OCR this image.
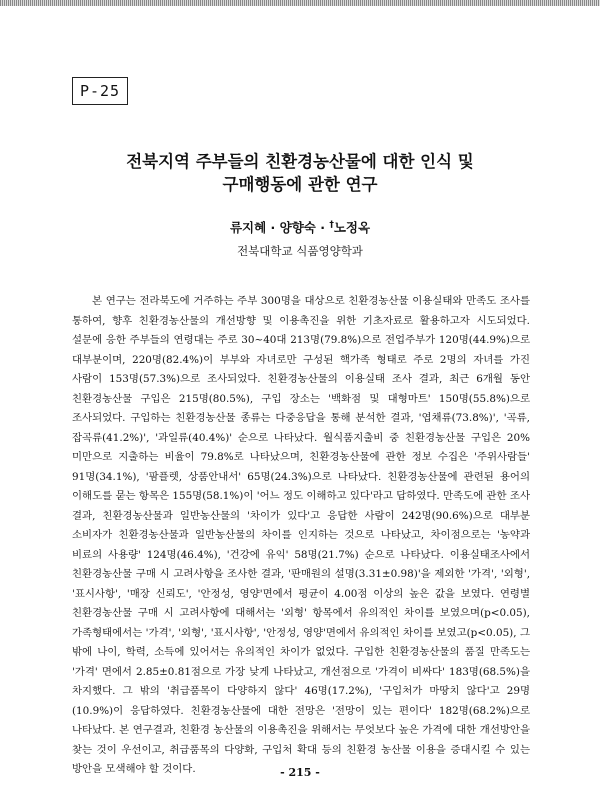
P-25
전북지역 주부들의 친환경농산물에 대한 인식 및
구매행동에 관한 연구
류지혜 · 양향숙 · †노정옥
전북대학교 식품영양학과
본 연구는 전라북도에 거주하는 주부 300명을 대상으로 친환경농산물 이용실태와 만족도 조사를 통하여, 향후 친환경농산물의 개선방향 및 이용촉진을 위한 기초자료로 활용하고자 시도되었다. 설문에 응한 주부들의 연령대는 주로 30~40대 213명(79.8%)으로 전업주부가 120명(44.9%)으로 대부분이며, 220명(82.4%)이 부부와 자녀로만 구성된 핵가족 형태로 주로 2명의 자녀를 가진 사람이 153명(57.3%)으로 조사되었다. 친환경농산물의 이용실태 조사 결과, 최근 6개월 동안 친환경농산물 구입은 215명(80.5%), 구입 장소는 '백화점 및 대형마트' 150명(55.8%)으로 조사되었다. 구입하는 친환경농산물 종류는 다중응답을 통해 분석한 결과, '엽채류(73.8%)', '곡류, 잡곡류(41.2%)', '과일류(40.4%)' 순으로 나타났다. 월식품지출비 중 친환경농산물 구입은 20%미만으로 지출하는 비율이 79.8%로 나타났으며, 친환경농산물에 관한 정보 수집은 '주위사람들' 91명(34.1%), '팜플렛, 상품안내서' 65명(24.3%)으로 나타났다. 친환경농산물에 관련된 용어의 이해도를 묻는 항목은 155명(58.1%)이 '어느 정도 이해하고 있다'라고 답하였다. 만족도에 관한 조사 결과, 친환경농산물과 일반농산물의 '차이가 있다'고 응답한 사람이 242명(90.6%)으로 대부분 소비자가 친환경농산물과 일반농산물의 차이를 인지하는 것으로 나타났고, 차이점으로는 '농약과 비료의 사용량' 124명(46.4%), '건강에 유익' 58명(21.7%) 순으로 나타났다. 이용실태조사에서 친환경농산물 구매 시 고려사항을 조사한 결과, '판매원의 설명(3.31±0.98)'을 제외한 '가격', '외형', '표시사항', '매장 신뢰도', '안정성, 영양'면에서 평균이 4.00점 이상의 높은 값을 보였다. 연령별 친환경농산물 구매 시 고려사항에 대해서는 '외형' 항목에서 유의적인 차이를 보였으며(p<0.05), 가족형태에서는 '가격', '외형', '표시사항', '안정성, 영양'면에서 유의적인 차이를 보였고(p<0.05), 그 밖에 나이, 학력, 소득에 있어서는 유의적인 차이가 없었다. 구입한 친환경농산물의 품질 만족도는 '가격' 면에서 2.85±0.81점으로 가장 낮게 나타났고, 개선점으로 '가격이 비싸다' 183명(68.5%)을 차지했다. 그 밖의 '취급품목이 다양하지 않다' 46명(17.2%), '구입처가 마땅치 않다'고 29명(10.9%)이 응답하였다. 친환경농산물에 대한 전망은 '전망이 있는 편이다' 182명(68.2%)으로 나타났다. 본 연구결과, 친환경 농산물의 이용촉진을 위해서는 무엇보다 높은 가격에 대한 개선방안을 찾는 것이 우선이고, 취급품목의 다양화, 구입처 확대 등의 친환경 농산물 이용을 증대시킬 수 있는 방안을 모색해야 할 것이다.	- 215 -
